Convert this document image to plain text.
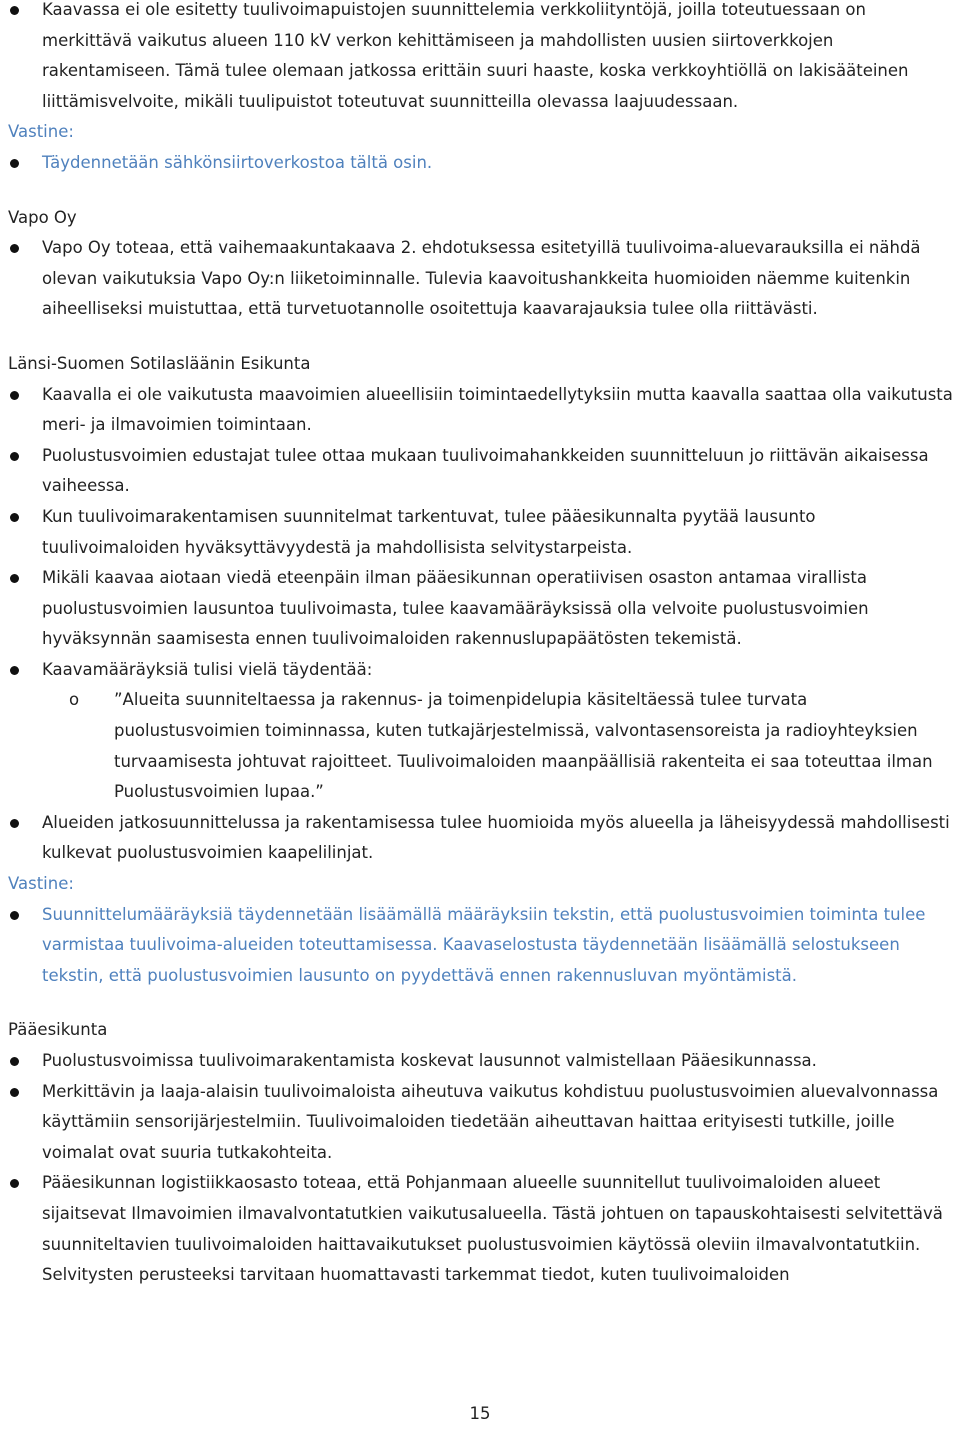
Kaavassa ei ole esitetty tuulivoimapuistojen suunnittelemia verkkoliityntöjä, joilla toteutuessaan on merkittävä vaikutus alueen 110 kV verkon kehittämiseen ja mahdollisten uusien siirtoverkkojen rakentamiseen. Tämä tulee olemaan jatkossa erittäin suuri haaste, koska verkkoyhtiöllä on lakisääteinen liittämisvelvoite, mikäli tuulipuistot toteutuvat suunnitteilla olevassa laajuudessaan.
Vastine:
Täydennetään sähkönsiirtoverkostoa tältä osin.
Vapo Oy
Vapo Oy toteaa, että vaihemaakuntakaava 2. ehdotuksessa esitetyillä tuulivoima-aluevarauksilla ei nähdä olevan vaikutuksia Vapo Oy:n liiketoiminnalle. Tulevia kaavoitushankkeita huomioiden näemme kuitenkin aiheelliseksi muistuttaa, että turvetuotannolle osoitettuja kaavarajauksia tulee olla riittävästi.
Länsi-Suomen Sotilasläänin Esikunta
Kaavalla ei ole vaikutusta maavoimien alueellisiin toimintaedellytyksiin mutta kaavalla saattaa olla vaikutusta meri- ja ilmavoimien toimintaan.
Puolustusvoimien edustajat tulee ottaa mukaan tuulivoimahankkeiden suunnitteluun jo riittävän aikaisessa vaiheessa.
Kun tuulivoimarakentamisen suunnitelmat tarkentuvat, tulee pääesikunnalta pyytää lausunto tuulivoimaloiden hyväksyttävyydestä ja mahdollisista selvitystarpeista.
Mikäli kaavaa aiotaan viedä eteenpäin ilman pääesikunnan operatiivisen osaston antamaa virallista puolustusvoimien lausuntoa tuulivoimasta, tulee kaavamääräyksissä olla velvoite puolustusvoimien hyväksynnän saamisesta ennen tuulivoimaloiden rakennuslupapäätösten tekemistä.
Kaavamääräyksiä tulisi vielä täydentää:
o ”Alueita suunniteltaessa ja rakennus- ja toimenpidelupia käsiteltäessä tulee turvata puolustusvoimien toiminnassa, kuten tutkajärjestelmissä, valvontasensoreista ja radioyhteyksien turvaamisesta johtuvat rajoitteet. Tuulivoimaloiden maanpäällisiä rakenteita ei saa toteuttaa ilman Puolustusvoimien lupaa.”
Alueiden jatkosuunnittelussa ja rakentamisessa tulee huomioida myös alueella ja läheisyydessä mahdollisesti kulkevat puolustusvoimien kaapelilinjat.
Vastine:
Suunnittelumääräyksiä täydennetään lisäämällä määräyksiin tekstin, että puolustusvoimien toiminta tulee varmistaa tuulivoima-alueiden toteuttamisessa. Kaavaselostusta täydennetään lisäämällä selostukseen tekstin, että puolustusvoimien lausunto on pyydettävä ennen rakennusluvan myöntämistä.
Pääesikunta
Puolustusvoimissa tuulivoimarakentamista koskevat lausunnot valmistellaan Pääesikunnassa.
Merkittävin ja laaja-alaisin tuulivoimaloista aiheutuva vaikutus kohdistuu puolustusvoimien aluevalvonnassa käyttämiin sensorijärjestelmiin. Tuulivoimaloiden tiedetään aiheuttavan haittaa erityisesti tutkille, joille voimalat ovat suuria tutkakohteita.
Pääesikunnan logistiikkaosasto toteaa, että Pohjanmaan alueelle suunnitellut tuulivoimaloiden alueet sijaitsevat Ilmavoimien ilmavalvontatutkien vaikutusalueella. Tästä johtuen on tapauskohtaisesti selvitettävä suunniteltavien tuulivoimaloiden haittavaikutukset puolustusvoimien käytössä oleviin ilmavalvontatutkiin. Selvitysten perusteeksi tarvitaan huomattavasti tarkemmat tiedot, kuten tuulivoimaloiden
15
